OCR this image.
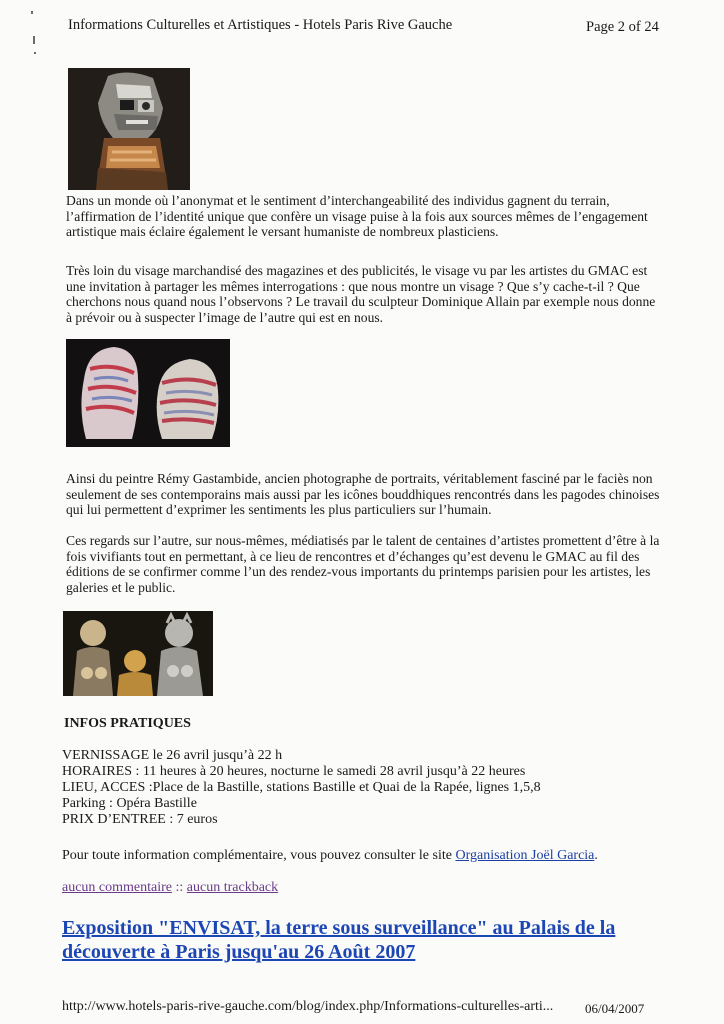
Informations Culturelles et Artistiques - Hotels Paris Rive Gauche	Page 2 of 24

Dans un monde où l’anonymat et le sentiment d’interchangeabilité des individus gagnent du terrain, l’affirmation de l’identité unique que confère un visage puise à la fois aux sources mêmes de l’engagement artistique mais éclaire également le versant humaniste de nombreux plasticiens.

Très loin du visage marchandisé des magazines et des publicités, le visage vu par les artistes du GMAC est une invitation à partager les mêmes interrogations : que nous montre un visage ? Que s’y cache-t-il ? Que cherchons nous quand nous l’observons ? Le travail du sculpteur Dominique Allain par exemple nous donne à prévoir ou à suspecter l’image de l’autre qui est en nous.

Ainsi du peintre Rémy Gastambide, ancien photographe de portraits, véritablement fasciné par le faciès non seulement de ses contemporains mais aussi par les icônes bouddhiques rencontrés dans les pagodes chinoises qui lui permettent d’exprimer les sentiments les plus particuliers sur l’humain.

Ces regards sur l’autre, sur nous-mêmes, médiatisés par le talent de centaines d’artistes promettent d’être à la fois vivifiants tout en permettant, à ce lieu de rencontres et d’échanges qu’est devenu le GMAC au fil des éditions de se confirmer comme l’un des rendez-vous importants du printemps parisien pour les artistes, les galeries et le public.

INFOS PRATIQUES
VERNISSAGE le 26 avril jusqu’à 22 h
HORAIRES : 11 heures à 20 heures, nocturne le samedi 28 avril jusqu’à 22 heures
LIEU, ACCES :Place de la Bastille, stations Bastille et Quai de la Rapée, lignes 1,5,8
Parking : Opéra Bastille
PRIX D’ENTREE : 7 euros
Pour toute information complémentaire, vous pouvez consulter le site Organisation Joël Garcia.
aucun commentaire :: aucun trackback

Exposition "ENVISAT, la terre sous surveillance" au Palais de la découverte à Paris jusqu'au 26 Août 2007

http://www.hotels-paris-rive-gauche.com/blog/index.php/Informations-culturelles-arti... 06/04/2007
